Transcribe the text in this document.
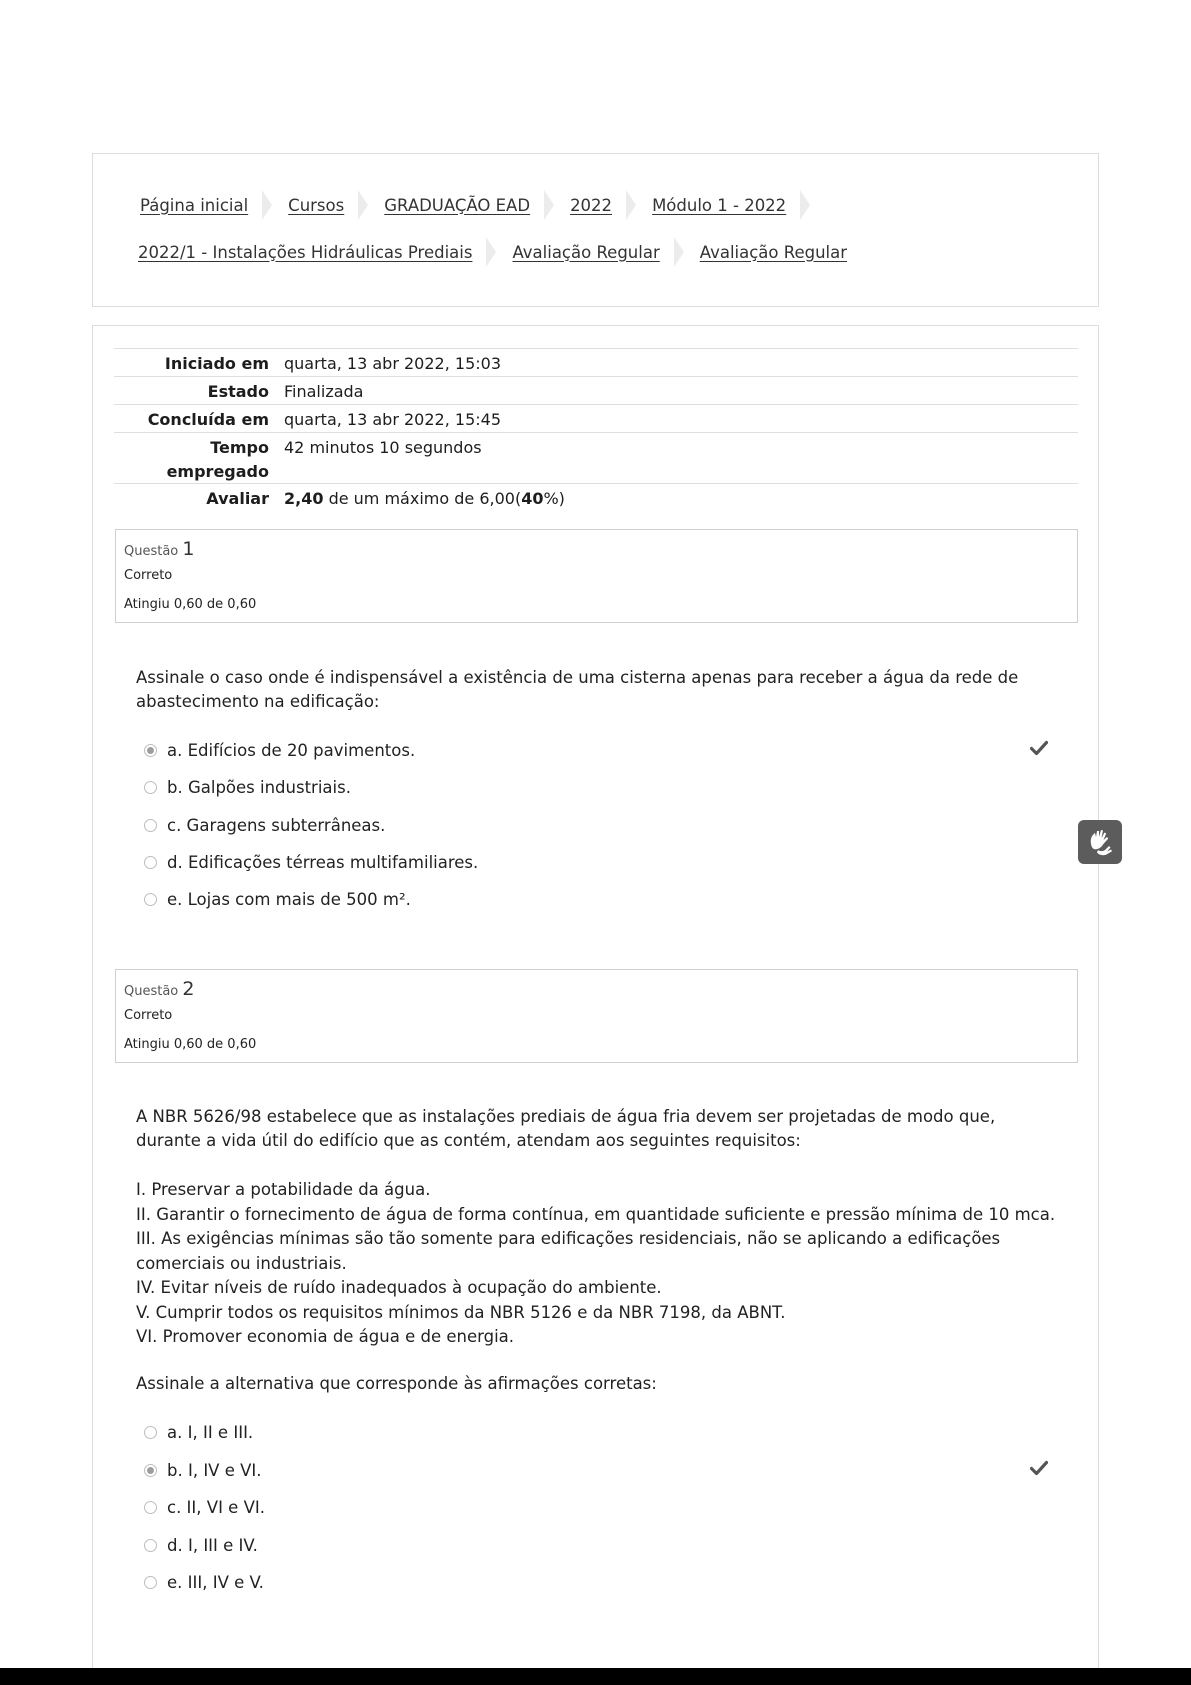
Página inicial Cursos GRADUAÇÃO EAD 2022 Módulo 1 - 2022
2022/1 - Instalações Hidráulicas Prediais Avaliação Regular Avaliação Regular
Iniciado em quarta, 13 abr 2022, 15:03
Estado Finalizada
Concluída em quarta, 13 abr 2022, 15:45
Tempo
empregado
42 minutos 10 segundos
Avaliar 2,40 de um máximo de 6,00(40%)
Questão 1
Correto
Atingiu 0,60 de 0,60
Assinale o caso onde é indispensável a existência de uma cisterna apenas para receber a água da rede de abastecimento na edificação:
a. Edifícios de 20 pavimentos.
b. Galpões industriais.
c. Garagens subterrâneas.
d. Edificações térreas multifamiliares.
e. Lojas com mais de 500 m².
Questão 2
Correto
Atingiu 0,60 de 0,60
A NBR 5626/98 estabelece que as instalações prediais de água fria devem ser projetadas de modo que, durante a vida útil do edifício que as contém, atendam aos seguintes requisitos:
I. Preservar a potabilidade da água.
II. Garantir o fornecimento de água de forma contínua, em quantidade suficiente e pressão mínima de 10 mca.
III. As exigências mínimas são tão somente para edificações residenciais, não se aplicando a edificações comerciais ou industriais.
IV. Evitar níveis de ruído inadequados à ocupação do ambiente.
V. Cumprir todos os requisitos mínimos da NBR 5126 e da NBR 7198, da ABNT.
VI. Promover economia de água e de energia.
Assinale a alternativa que corresponde às afirmações corretas:
a. I, II e III.
b. I, IV e VI.
c. II, VI e VI.
d. I, III e IV.
e. III, IV e V.
